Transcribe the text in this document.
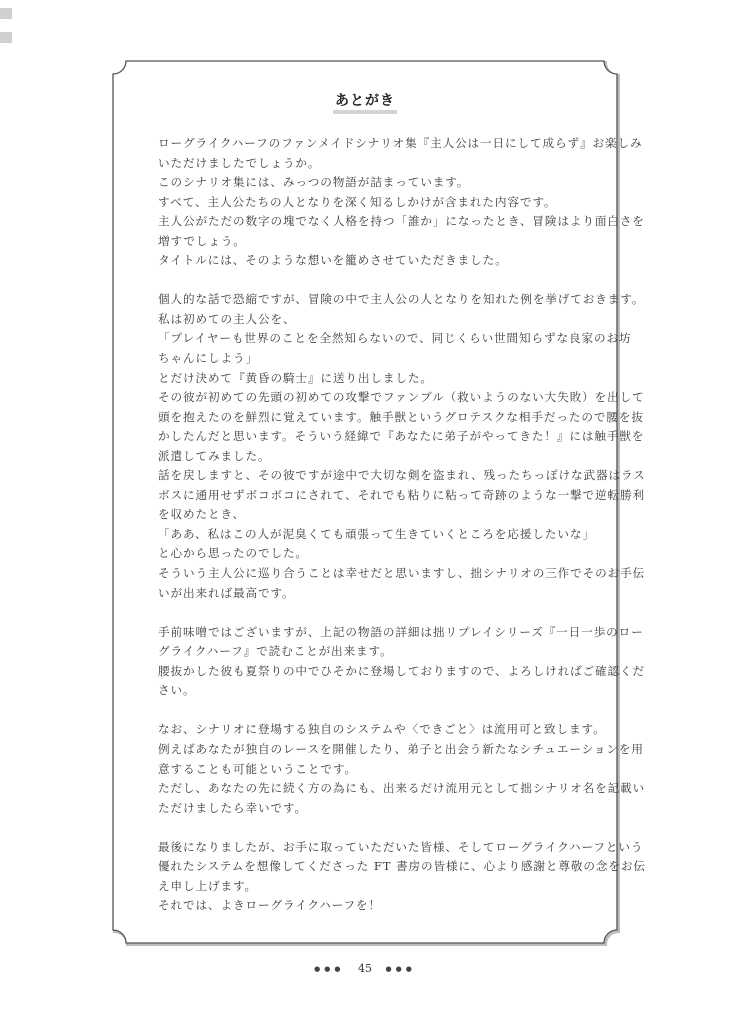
あとがき
ローグライクハーフのファンメイドシナリオ集『主人公は一日にして成らず』お楽しみ
いただけましたでしょうか。
このシナリオ集には、みっつの物語が詰まっています。
すべて、主人公たちの人となりを深く知るしかけが含まれた内容です。
主人公がただの数字の塊でなく人格を持つ「誰か」になったとき、冒険はより面白さを
増すでしょう。
タイトルには、そのような想いを籠めさせていただきました。
個人的な話で恐縮ですが、冒険の中で主人公の人となりを知れた例を挙げておきます。
私は初めての主人公を、
「プレイヤーも世界のことを全然知らないので、同じくらい世間知らずな良家のお坊
ちゃんにしよう」
とだけ決めて『黄昏の騎士』に送り出しました。
その彼が初めての先頭の初めての攻撃でファンブル（救いようのない大失敗）を出して
頭を抱えたのを鮮烈に覚えています。触手獣というグロテスクな相手だったので腰を抜
かしたんだと思います。そういう経緯で『あなたに弟子がやってきた！』には触手獣を
派遣してみました。
話を戻しますと、その彼ですが途中で大切な剣を盗まれ、残ったちっぽけな武器はラス
ボスに通用せずボコボコにされて、それでも粘りに粘って奇跡のような一撃で逆転勝利
を収めたとき、
「ああ、私はこの人が泥臭くても頑張って生きていくところを応援したいな」
と心から思ったのでした。
そういう主人公に巡り合うことは幸せだと思いますし、拙シナリオの三作でそのお手伝
いが出来れば最高です。
手前味噌ではございますが、上記の物語の詳細は拙リプレイシリーズ『一日一歩のロー
グライクハーフ』で読むことが出来ます。
腰抜かした彼も夏祭りの中でひそかに登場しておりますので、よろしければご確認くだ
さい。
なお、シナリオに登場する独自のシステムや〈できごと〉は流用可と致します。
例えばあなたが独自のレースを開催したり、弟子と出会う新たなシチュエーションを用
意することも可能ということです。
ただし、あなたの先に続く方の為にも、出来るだけ流用元として拙シナリオ名を記載い
ただけましたら幸いです。
最後になりましたが、お手に取っていただいた皆様、そしてローグライクハーフという
優れたシステムを想像してくださった FT 書房の皆様に、心より感謝と尊敬の念をお伝
え申し上げます。
それでは、よきローグライクハーフを！
●●● 45 ●●●
